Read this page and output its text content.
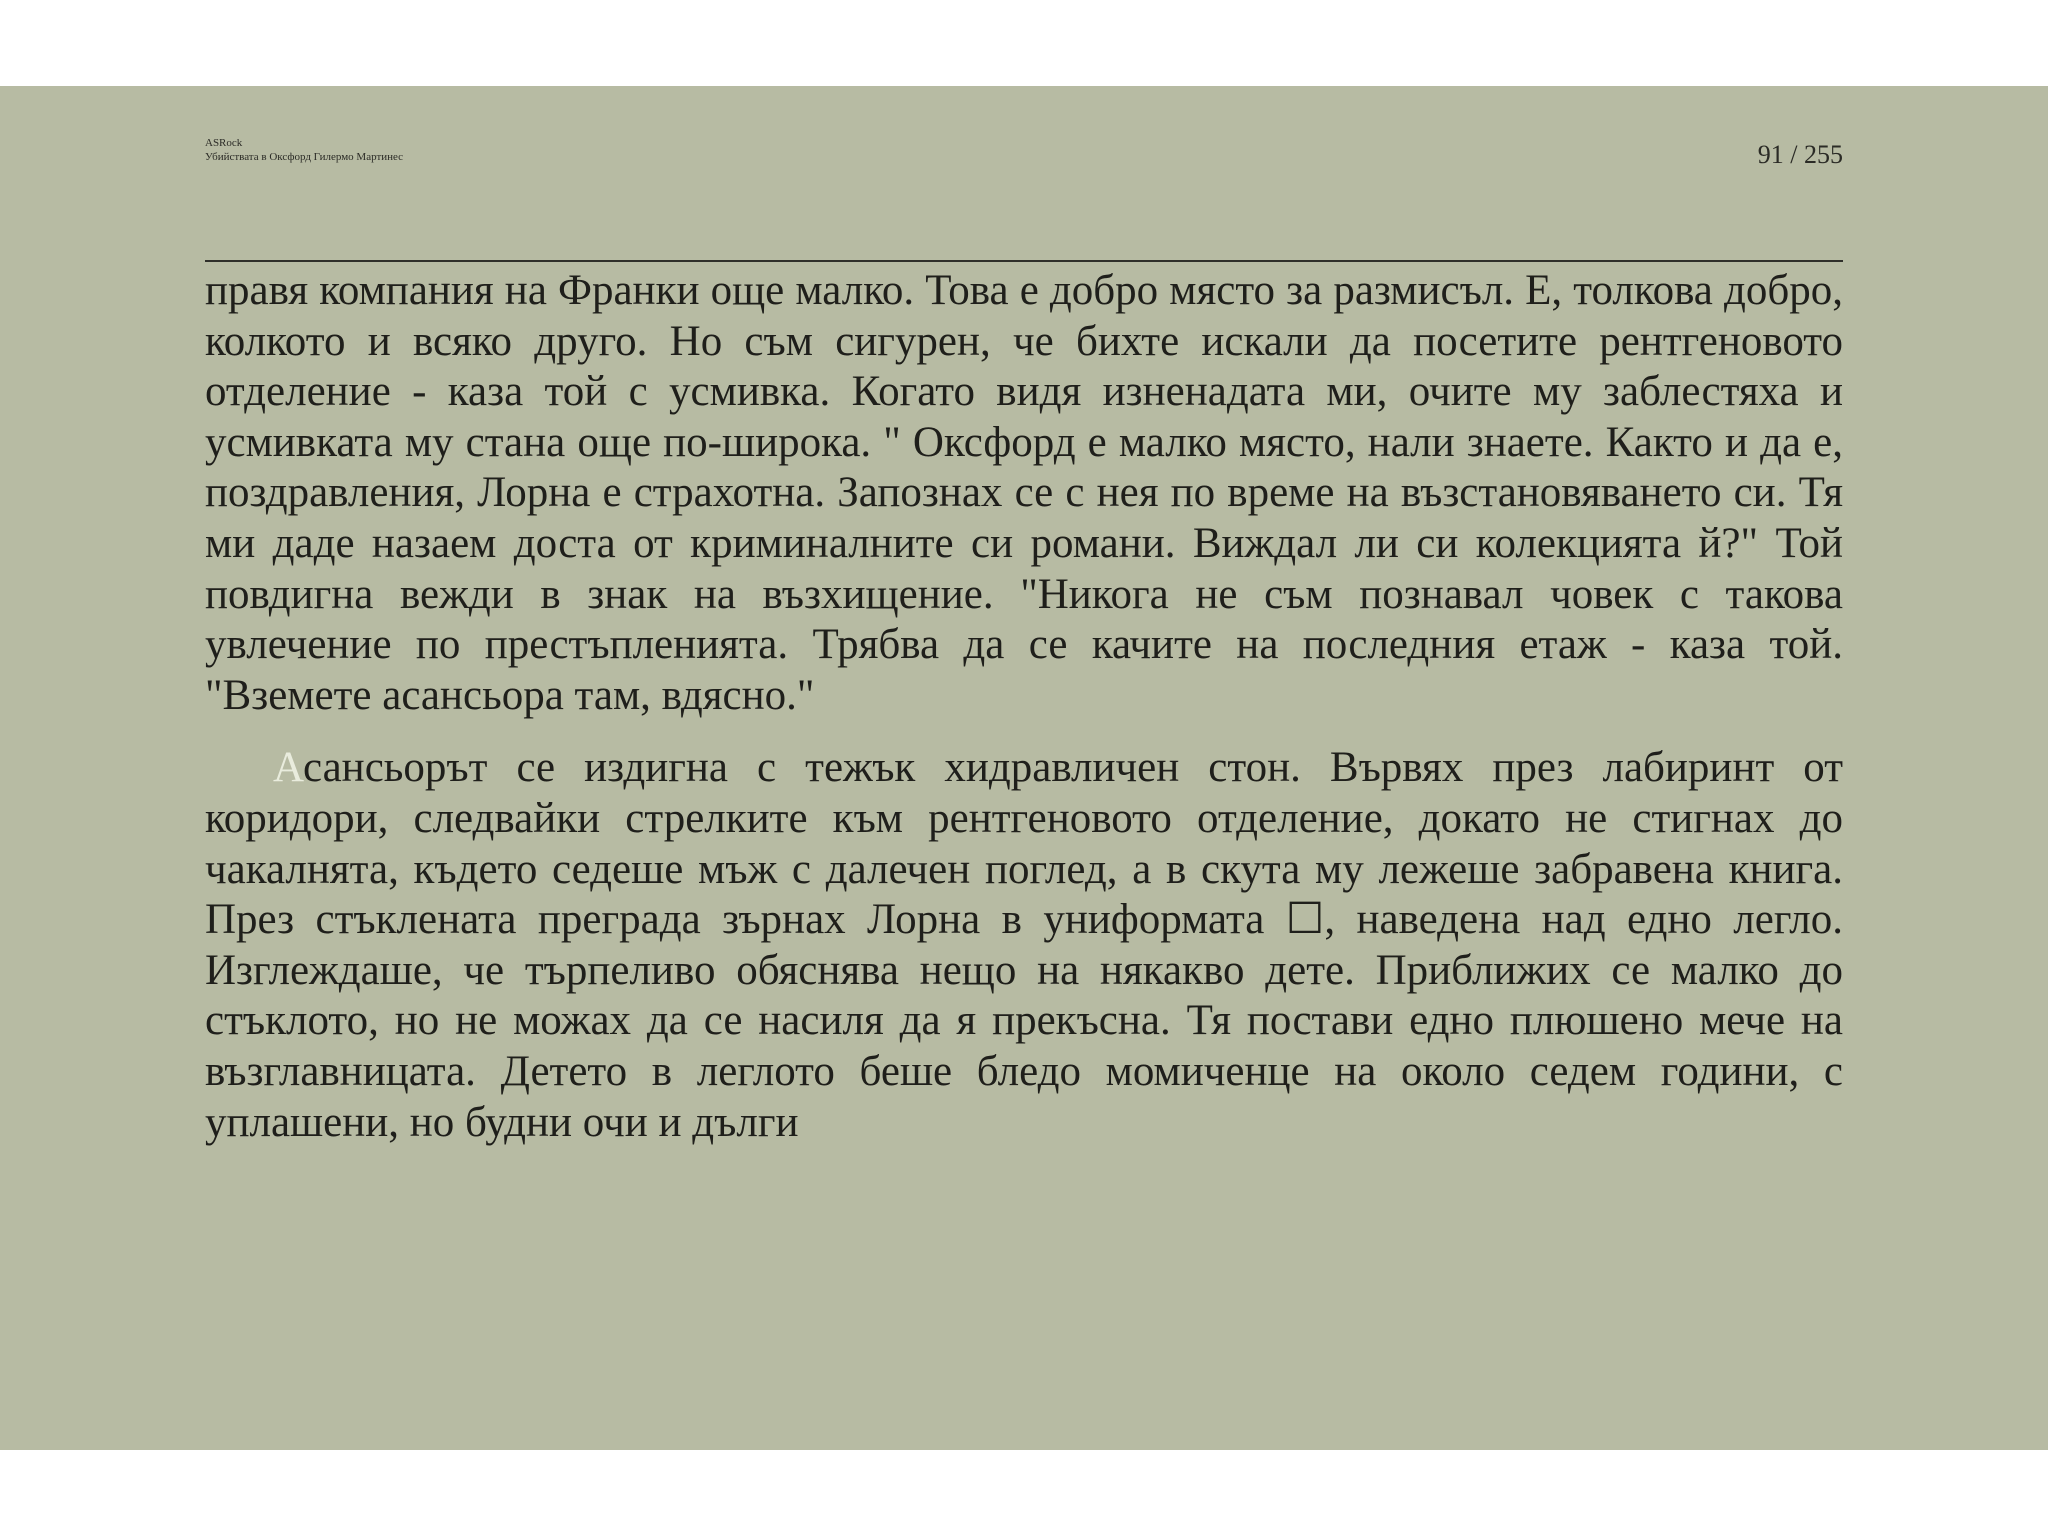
ASRock
Убийствата в Оксфорд Гилермо Мартинес	91 / 255

правя компания на Франки още малко. Това е добро място за размисъл. Е, толкова добро, колкото и всяко друго. Но съм сигурен, че бихте искали да посетите рентгеновото отделение - каза той с усмивка. Когато видя изненадата ми, очите му заблестяха и усмивката му стана още по-широка. " Оксфорд е малко място, нали знаете. Както и да е, поздравления, Лорна е страхотна. Запознах се с нея по време на възстановяването си. Тя ми даде назаем доста от криминалните си романи. Виждал ли си колекцията й?" Той повдигна вежди в знак на възхищение. "Никога не съм познавал човек с такова увлечение по престъпленията. Трябва да се качите на последния етаж - каза той. "Вземете асансьора там, вдясно."

Асансьорът се издигна с тежък хидравличен стон. Вървях през лабиринт от коридори, следвайки стрелките към рентгеновото отделение, докато не стигнах до чакалнята, където седеше мъж с далечен поглед, а в скута му лежеше забравена книга. През стъклената преграда зърнах Лорна в униформата ☐, наведена над едно легло. Изглеждаше, че търпеливо обяснява нещо на някакво дете. Приближих се малко до стъклото, но не можах да се насиля да я прекъсна. Тя постави едно плюшено мече на възглавницата. Детето в леглото беше бледо момиченце на около седем години, с уплашени, но будни очи и дълги
